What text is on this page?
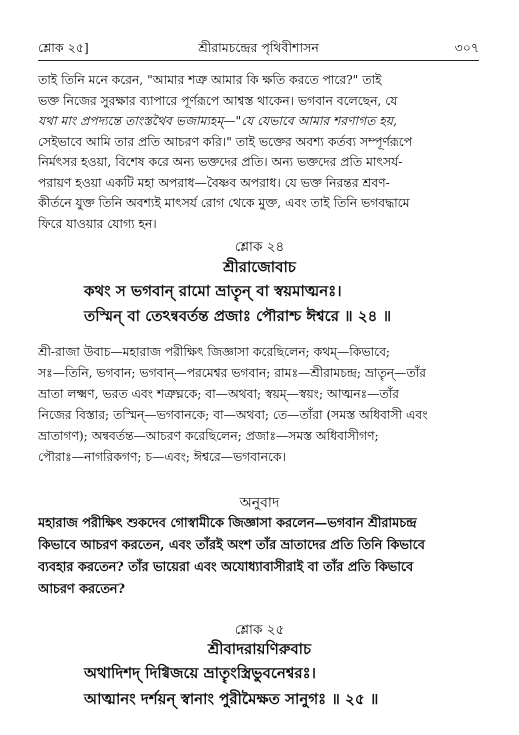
শ্লোক ২৫]	শ্রীরামচন্দ্রের পৃথিবীশাসন	৩০৭
তাই তিনি মনে করেন, "আমার শত্রু আমার কি ক্ষতি করতে পারে?" তাই
ভক্ত নিজের সুরক্ষার ব্যাপারে পূর্ণরূপে আশ্বস্ত থাকেন। ভগবান বলেছেন, যে
যথা মাং প্রপদ্যন্তে তাংস্তথৈব ভজাম্যহম্—"যে যেভাবে আমার শরণাগত হয়,
সেইভাবে আমি তার প্রতি আচরণ করি।" তাই ভক্তের অবশ্য কর্তব্য সম্পূর্ণরূপে
নির্মৎসর হওয়া, বিশেষ করে অন্য ভক্তদের প্রতি। অন্য ভক্তদের প্রতি মাৎসর্য-
পরায়ণ হওয়া একটি মহা অপরাধ—বৈষ্ণব অপরাধ। যে ভক্ত নিরন্তর শ্রবণ-
কীর্তনে যুক্ত তিনি অবশ্যই মাৎসর্য রোগ থেকে মুক্ত, এবং তাই তিনি ভগবদ্ধামে
ফিরে যাওয়ার যোগ্য হন।
শ্লোক ২৪
শ্রীরাজোবাচ
কথং স ভগবান্ রামো ভ্রাতৄন্ বা স্বয়মাত্মনঃ।
তস্মিন্ বা তেঽন্ববর্তন্ত প্রজাঃ পৌরাশ্চ ঈশ্বরে ॥ ২৪ ॥
শ্রী-রাজা উবাচ—মহারাজ পরীক্ষিৎ জিজ্ঞাসা করেছিলেন; কথম্—কিভাবে;
সঃ—তিনি, ভগবান; ভগবান্—পরমেশ্বর ভগবান; রামঃ—শ্রীরামচন্দ্র; ভ্রাতৄন্—তাঁর
ভ্রাতা লক্ষ্মণ, ভরত এবং শত্রুঘ্নকে; বা—অথবা; স্বয়ম্—স্বয়ং; আত্মনঃ—তাঁর
নিজের বিস্তার; তস্মিন্—ভগবানকে; বা—অথবা; তে—তাঁরা (সমস্ত অধিবাসী এবং
ভ্রাতাগণ); অন্ববর্তন্ত—আচরণ করেছিলেন; প্রজাঃ—সমস্ত অধিবাসীগণ;
পৌরাঃ—নাগরিকগণ; চ—এবং; ঈশ্বরে—ভগবানকে।
অনুবাদ
মহারাজ পরীক্ষিৎ শুকদেব গোস্বামীকে জিজ্ঞাসা করলেন—ভগবান শ্রীরামচন্দ্র
কিভাবে আচরণ করতেন, এবং তাঁরই অংশ তাঁর ভ্রাতাদের প্রতি তিনি কিভাবে
ব্যবহার করতেন? তাঁর ভায়েরা এবং অযোধ্যাবাসীরাই বা তাঁর প্রতি কিভাবে
আচরণ করতেন?
শ্লোক ২৫
শ্রীবাদরায়ণিরুবাচ
অথাদিশদ্ দিগ্বিজয়ে ভ্রাতৄংস্ত্রিভুবনেশ্বরঃ।
আত্মানং দর্শয়ন্ স্বানাং পুরীমৈক্ষত সানুগঃ ॥ ২৫ ॥
